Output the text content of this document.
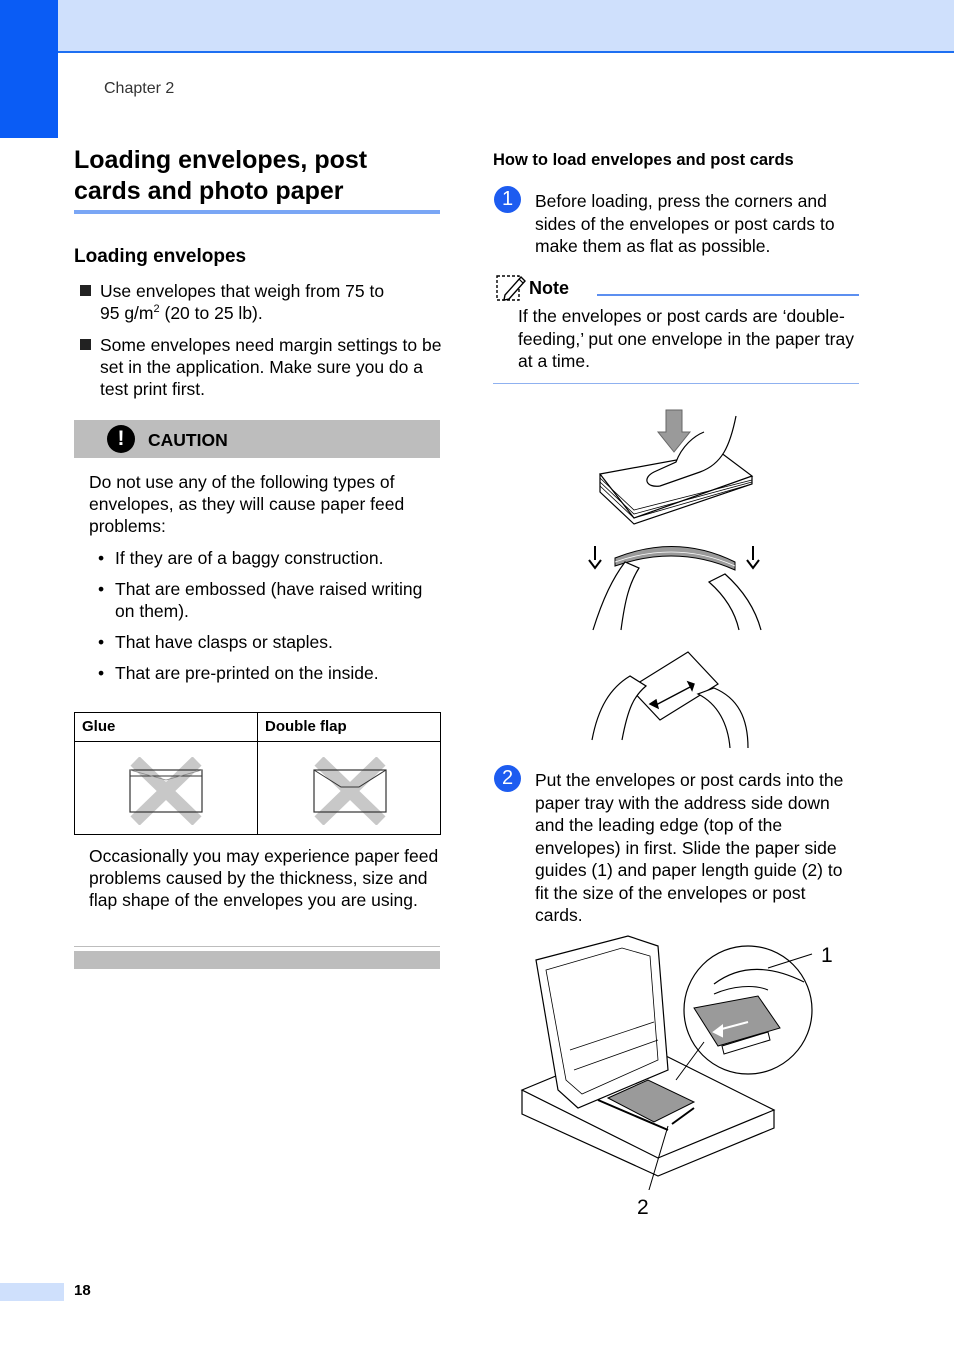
Chapter 2
Loading envelopes, post cards and photo paper
Loading envelopes
Use envelopes that weigh from 75 to
95 $g/m^2$ (20 to 25 lb).
Some envelopes need margin settings to be set in the application. Make sure you do a test print first.
!	CAUTION

Do not use any of the following types of envelopes, as they will cause paper feed problems:

• If they are of a baggy construction.
• That are embossed (have raised writing on them).
• That have clasps or staples.
• That are pre-printed on the inside.
Glue	Double flap

Occasionally you may experience paper feed problems caused by the thickness, size and flap shape of the envelopes you are using.

How to load envelopes and post cards
1	Before loading, press the corners and sides of the envelopes or post cards to make them as flat as possible.

Note

If the envelopes or post cards are ‘double-feeding,’ put one envelope in the paper tray at a time.

2	Put the envelopes or post cards into the paper tray with the address side down and the leading edge (top of the envelopes) in first. Slide the paper side guides (1) and paper length guide (2) to fit the size of the envelopes or post cards.

1
2
18
